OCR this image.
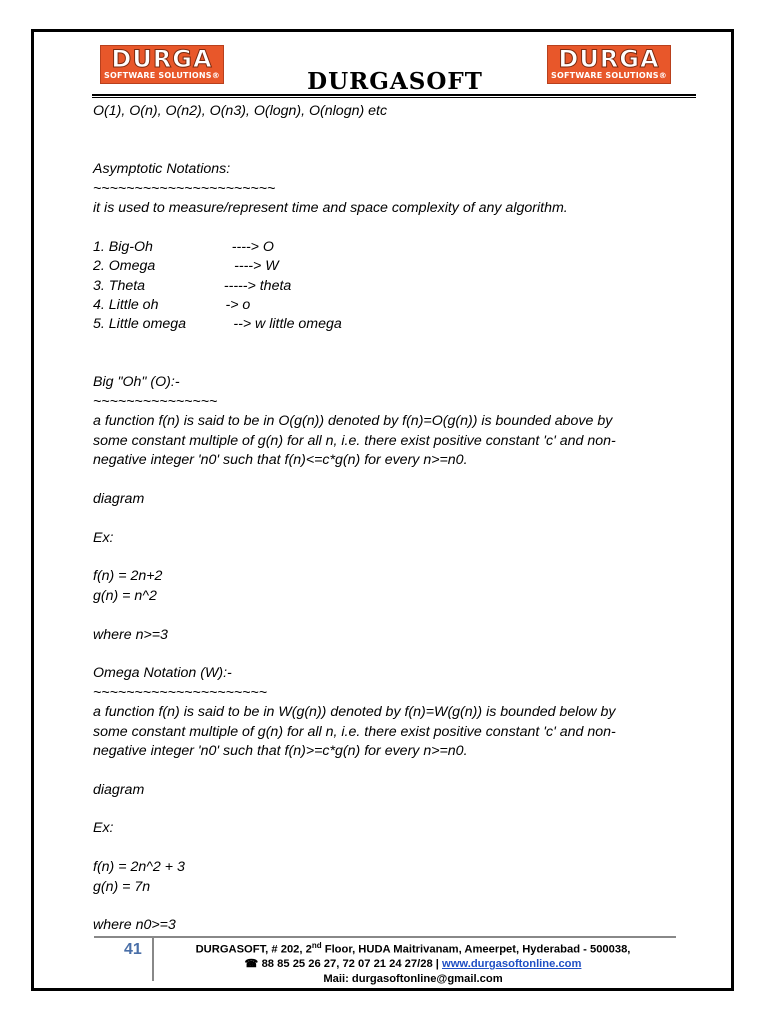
DURGA
SOFTWARE SOLUTIONS®
DURGA
SOFTWARE SOLUTIONS®
DURGASOFT
O(1), O(n), O(n2), O(n3), O(logn), O(nlogn) etc
Asymptotic Notations:
~~~~~~~~~~~~~~~~~~~~~~
it is used to measure/represent time and space complexity of any algorithm.
1. Big-Oh                    ----> O
2. Omega                    ----> W
3. Theta                    -----> theta
4. Little oh                 -> o
5. Little omega            --> w little omega
Big "Oh" (O):-
~~~~~~~~~~~~~~~
a function f(n) is said to be in O(g(n)) denoted by f(n)=O(g(n)) is bounded above by
some constant multiple of g(n) for all n, i.e. there exist positive constant 'c' and non-
negative integer 'n0' such that f(n)<=c*g(n) for every n>=n0.
diagram
Ex:
f(n) = 2n+2
g(n) = n^2
where n>=3
Omega Notation (W):-
~~~~~~~~~~~~~~~~~~~~~
a function f(n) is said to be in W(g(n)) denoted by f(n)=W(g(n)) is bounded below by
some constant multiple of g(n) for all n, i.e. there exist positive constant 'c' and non-
negative integer 'n0' such that f(n)>=c*g(n) for every n>=n0.
diagram
Ex:
f(n) = 2n^2 + 3
g(n) = 7n
where n0>=3
41	DURGASOFT, # 202, 2nd Floor, HUDA Maitrivanam, Ameerpet, Hyderabad - 500038,
☎ 88 85 25 26 27, 72 07 21 24 27/28 | www.durgasoftonline.com
Maii: durgasoftonline@gmail.com
